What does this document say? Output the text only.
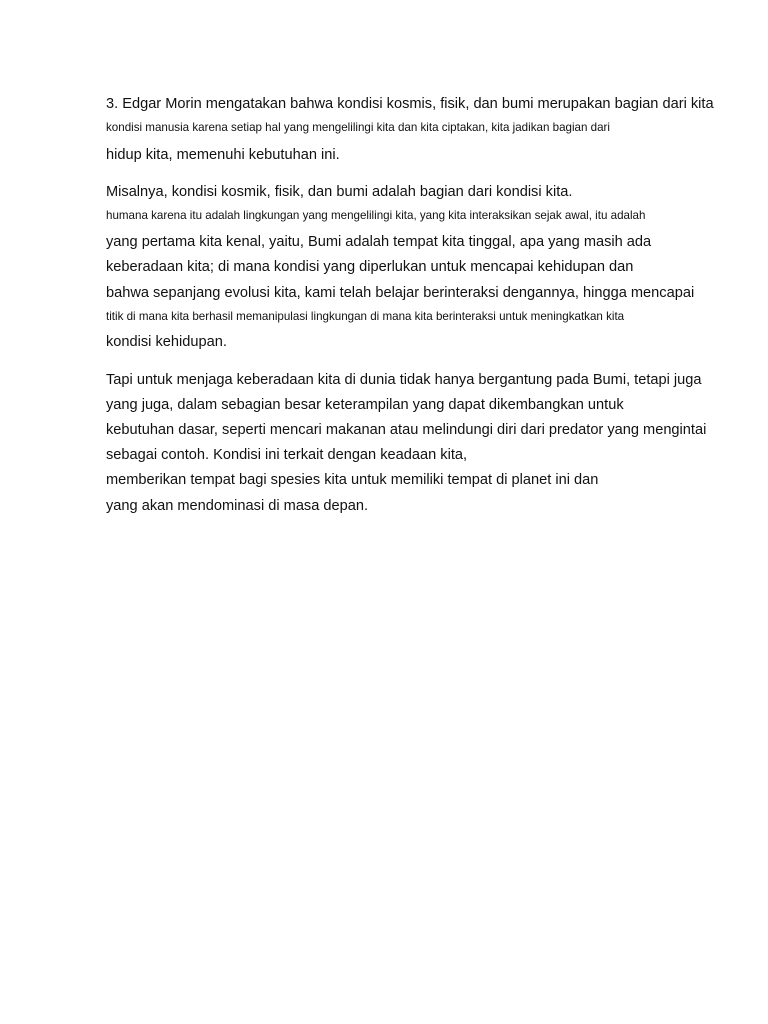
3. Edgar Morin mengatakan bahwa kondisi kosmis, fisik, dan bumi merupakan bagian dari kita
kondisi manusia karena setiap hal yang mengelilingi kita dan kita ciptakan, kita jadikan bagian dari
hidup kita, memenuhi kebutuhan ini.
Misalnya, kondisi kosmik, fisik, dan bumi adalah bagian dari kondisi kita.
humana karena itu adalah lingkungan yang mengelilingi kita, yang kita interaksikan sejak awal, itu adalah
yang pertama kita kenal, yaitu, Bumi adalah tempat kita tinggal, apa yang masih ada
keberadaan kita; di mana kondisi yang diperlukan untuk mencapai kehidupan dan
bahwa sepanjang evolusi kita, kami telah belajar berinteraksi dengannya, hingga mencapai
titik di mana kita berhasil memanipulasi lingkungan di mana kita berinteraksi untuk meningkatkan kita
kondisi kehidupan.
Tapi untuk menjaga keberadaan kita di dunia tidak hanya bergantung pada Bumi, tetapi juga
yang juga, dalam sebagian besar keterampilan yang dapat dikembangkan untuk
kebutuhan dasar, seperti mencari makanan atau melindungi diri dari predator yang mengintai
sebagai contoh. Kondisi ini terkait dengan keadaan kita,
memberikan tempat bagi spesies kita untuk memiliki tempat di planet ini dan
yang akan mendominasi di masa depan.
